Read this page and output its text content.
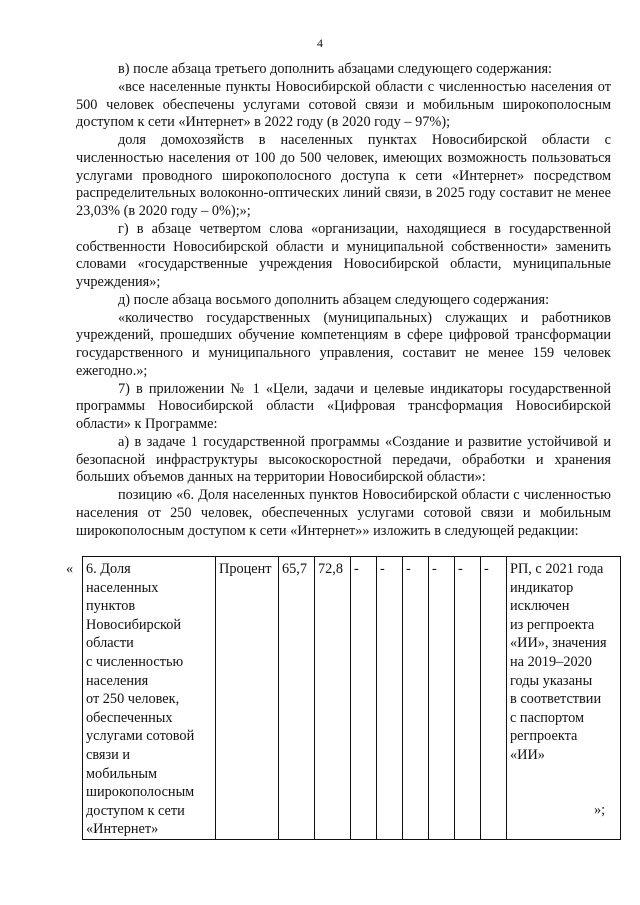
4

в) после абзаца третьего дополнить абзацами следующего содержания:

«все населенные пункты Новосибирской области с численностью населения от 500 человек обеспечены услугами сотовой связи и мобильным широкополосным доступом к сети «Интернет» в 2022 году (в 2020 году – 97%);

доля домохозяйств в населенных пунктах Новосибирской области с численностью населения от 100 до 500 человек, имеющих возможность пользоваться услугами проводного широкополосного доступа к сети «Интернет» посредством распределительных волоконно-оптических линий связи, в 2025 году составит не менее 23,03% (в 2020 году – 0%);»;

г) в абзаце четвертом слова «организации, находящиеся в государственной собственности Новосибирской области и муниципальной собственности» заменить словами «государственные учреждения Новосибирской области, муниципальные учреждения»;

д) после абзаца восьмого дополнить абзацем следующего содержания:

«количество государственных (муниципальных) служащих и работников учреждений, прошедших обучение компетенциям в сфере цифровой трансформации государственного и муниципального управления, составит не менее 159 человек ежегодно.»;

7) в приложении № 1 «Цели, задачи и целевые индикаторы государственной программы Новосибирской области «Цифровая трансформация Новосибирской области» к Программе:

а) в задаче 1 государственной программы «Создание и развитие устойчивой и безопасной инфраструктуры высокоскоростной передачи, обработки и хранения больших объемов данных на территории Новосибирской области»:

позицию «6. Доля населенных пунктов Новосибирской области с численностью населения от 250 человек, обеспеченных услугами сотовой связи и мобильным широкополосным доступом к сети «Интернет»» изложить в следующей редакции:

« 6. Доля
населенных
пунктов
Новосибирской
области
с численностью
населения
от 250 человек,
обеспеченных
услугами сотовой
связи и
мобильным
широкополосным
доступом к сети
«Интернет»
	Процент	65,7	72,8	-	-	-	-	-	-	РП, с 2021 года
индикатор
исключен
из регпроекта
«ИИ», значения
на 2019–2020
годы указаны
в соответствии
с паспортом
регпроекта
«ИИ»
»;
